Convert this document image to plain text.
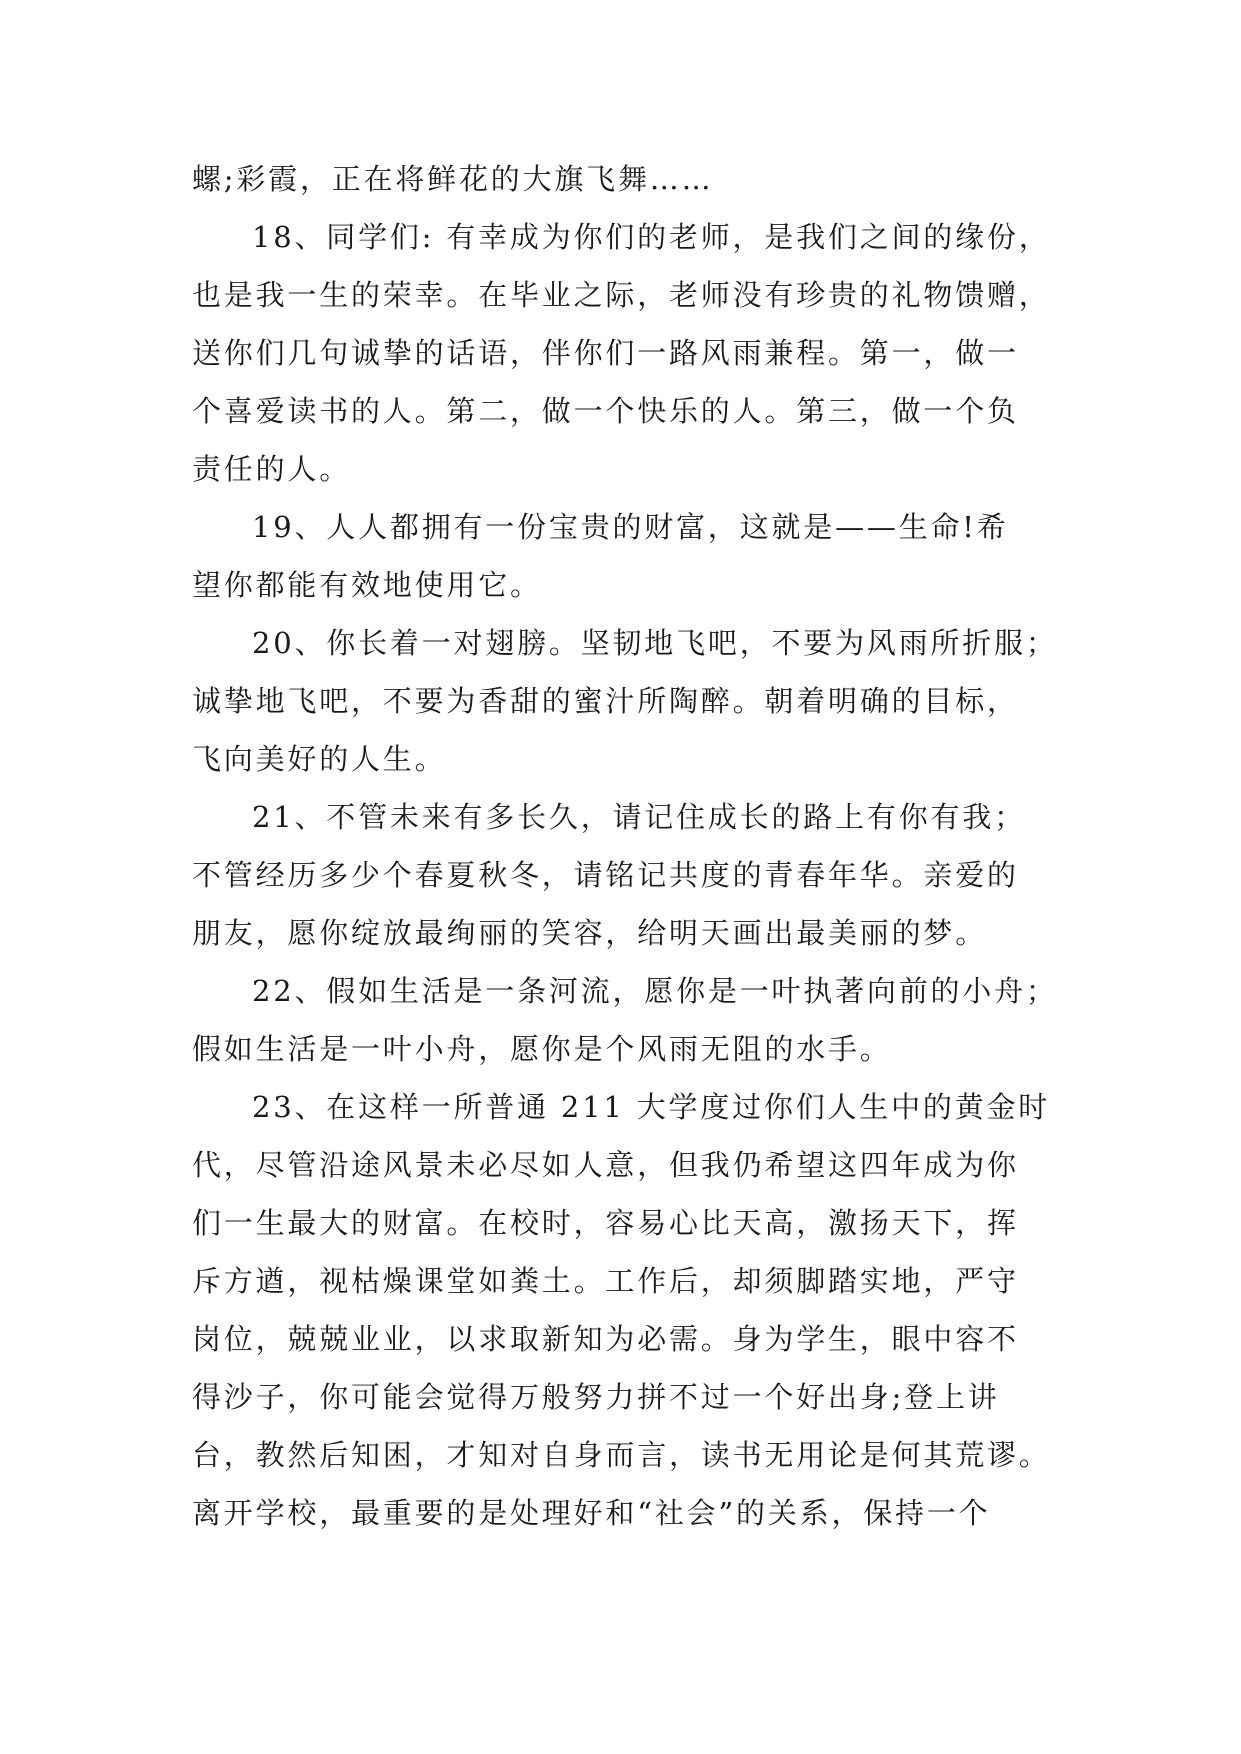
螺;彩霞，正在将鲜花的大旗飞舞……
18、同学们: 有幸成为你们的老师，是我们之间的缘份，
也是我一生的荣幸。在毕业之际，老师没有珍贵的礼物馈赠，
送你们几句诚挚的话语，伴你们一路风雨兼程。第一，做一
个喜爱读书的人。第二，做一个快乐的人。第三，做一个负
责任的人。
19、人人都拥有一份宝贵的财富，这就是——生命!希
望你都能有效地使用它。
20、你长着一对翅膀。坚韧地飞吧，不要为风雨所折服；
诚挚地飞吧，不要为香甜的蜜汁所陶醉。朝着明确的目标，
飞向美好的人生。
21、不管未来有多长久，请记住成长的路上有你有我；
不管经历多少个春夏秋冬，请铭记共度的青春年华。亲爱的
朋友，愿你绽放最绚丽的笑容，给明天画出最美丽的梦。
22、假如生活是一条河流，愿你是一叶执著向前的小舟；
假如生活是一叶小舟，愿你是个风雨无阻的水手。
23、在这样一所普通 211 大学度过你们人生中的黄金时
代，尽管沿途风景未必尽如人意，但我仍希望这四年成为你
们一生最大的财富。在校时，容易心比天高，激扬天下，挥
斥方遒，视枯燥课堂如粪土。工作后，却须脚踏实地，严守
岗位，兢兢业业，以求取新知为必需。身为学生，眼中容不
得沙子，你可能会觉得万般努力拼不过一个好出身;登上讲
台，教然后知困，才知对自身而言，读书无用论是何其荒谬。
离开学校，最重要的是处理好和“社会”的关系，保持一个
